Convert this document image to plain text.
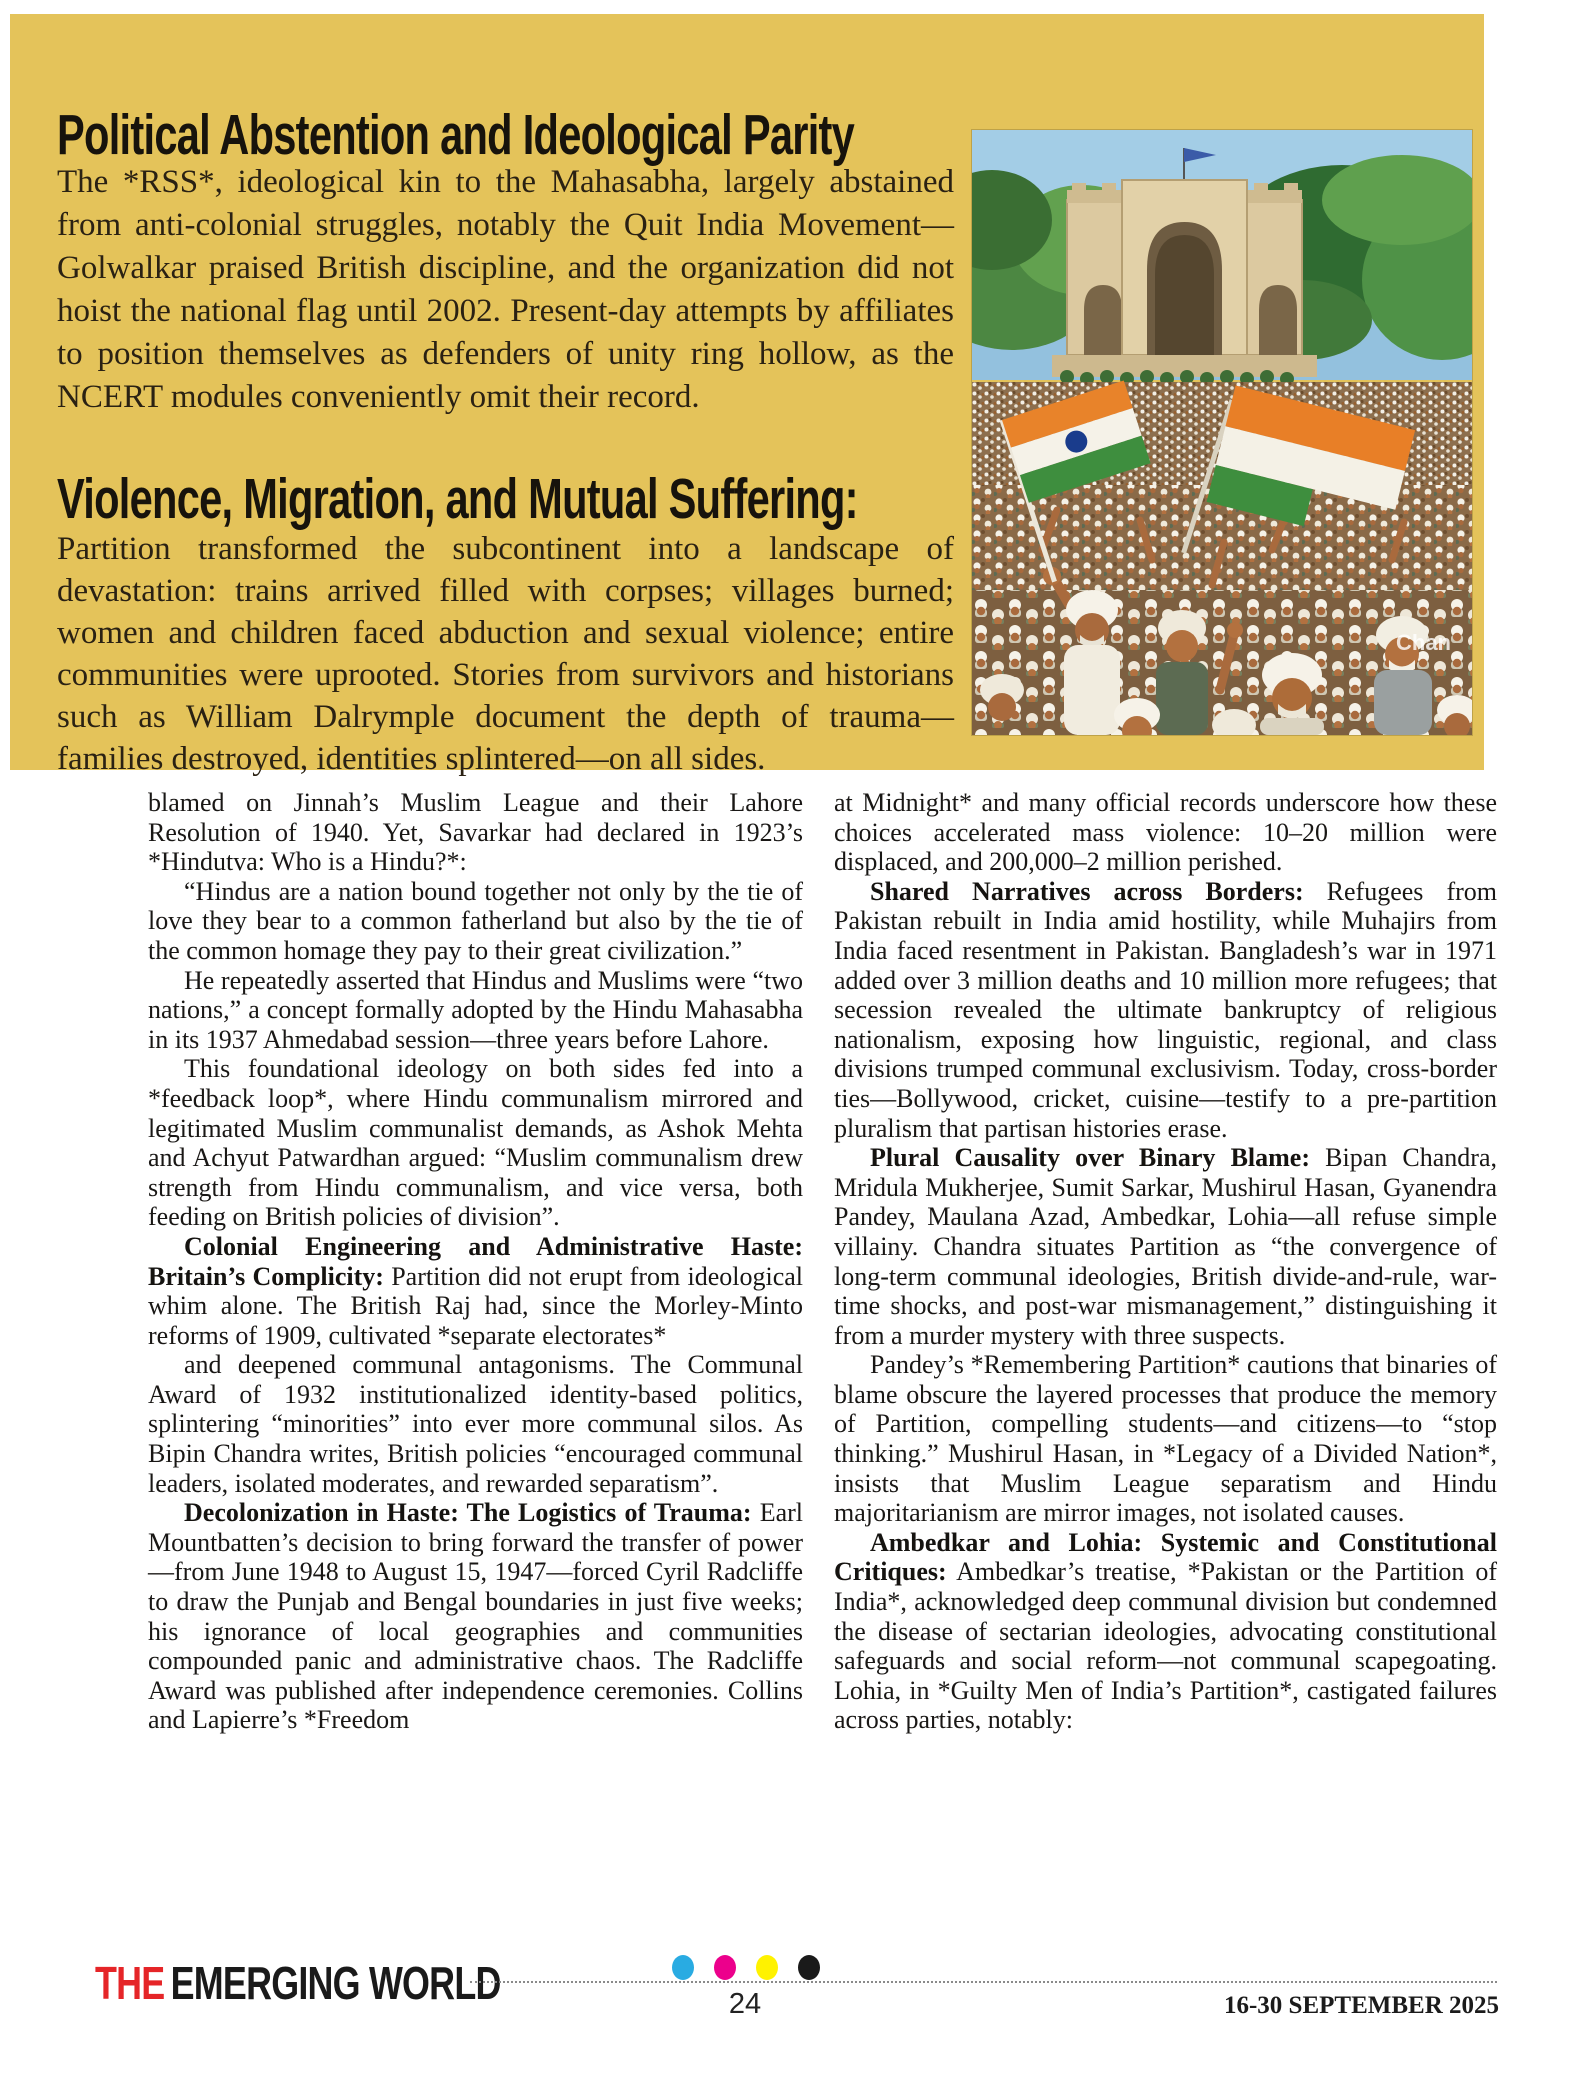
Political Abstention and Ideological Parity

The *RSS*, ideological kin to the Mahasabha, largely abstained from anti-colonial struggles, notably the Quit India Movement—Golwalkar praised British discipline, and the organization did not hoist the national flag until 2002. Present-day attempts by affiliates to position themselves as defenders of unity ring hollow, as the NCERT modules conveniently omit their record.

Violence, Migration, and Mutual Suffering:

Partition transformed the subcontinent into a landscape of devastation: trains arrived filled with corpses; villages burned; women and children faced abduction and sexual violence; entire communities were uprooted. Stories from survivors and historians such as William Dalrymple document the depth of trauma—families destroyed, identities splintered—on all sides.

Chan

blamed on Jinnah’s Muslim League and their Lahore Resolution of 1940. Yet, Savarkar had declared in 1923’s *Hindutva: Who is a Hindu?*:

“Hindus are a nation bound together not only by the tie of love they bear to a common fatherland but also by the tie of the common homage they pay to their great civilization.”

He repeatedly asserted that Hindus and Muslims were “two nations,” a concept formally adopted by the Hindu Mahasabha in its 1937 Ahmedabad session—three years before Lahore.

This foundational ideology on both sides fed into a *feedback loop*, where Hindu communalism mirrored and legitimated Muslim communalist demands, as Ashok Mehta and Achyut Patwardhan argued: “Muslim communalism drew strength from Hindu communalism, and vice versa, both feeding on British policies of division”.

Colonial Engineering and Administrative Haste: Britain’s Complicity: Partition did not erupt from ideological whim alone. The British Raj had, since the Morley-Minto reforms of 1909, cultivated *separate electorates*

and deepened communal antagonisms. The Communal Award of 1932 institutionalized identity-based politics, splintering “minorities” into ever more communal silos. As Bipin Chandra writes, British policies “encouraged communal leaders, isolated moderates, and rewarded separatism”.

Decolonization in Haste: The Logistics of Trauma: Earl Mountbatten’s decision to bring forward the transfer of power—from June 1948 to August 15, 1947—forced Cyril Radcliffe to draw the Punjab and Bengal boundaries in just five weeks; his ignorance of local geographies and communities compounded panic and administrative chaos. The Radcliffe Award was published after independence ceremonies. Collins and Lapierre’s *Freedom

at Midnight* and many official records underscore how these choices accelerated mass violence: 10–20 million were displaced, and 200,000–2 million perished.

Shared Narratives across Borders: Refugees from Pakistan rebuilt in India amid hostility, while Muhajirs from India faced resentment in Pakistan. Bangladesh’s war in 1971 added over 3 million deaths and 10 million more refugees; that secession revealed the ultimate bankruptcy of religious nationalism, exposing how linguistic, regional, and class divisions trumped communal exclusivism. Today, cross-border ties—Bollywood, cricket, cuisine—testify to a pre-partition pluralism that partisan histories erase.

Plural Causality over Binary Blame: Bipan Chandra, Mridula Mukherjee, Sumit Sarkar, Mushirul Hasan, Gyanendra Pandey, Maulana Azad, Ambedkar, Lohia—all refuse simple villainy. Chandra situates Partition as “the convergence of long-term communal ideologies, British divide-and-rule, war-time shocks, and post-war mismanagement,” distinguishing it from a murder mystery with three suspects.

Pandey’s *Remembering Partition* cautions that binaries of blame obscure the layered processes that produce the memory of Partition, compelling students—and citizens—to “stop thinking.” Mushirul Hasan, in *Legacy of a Divided Nation*, insists that Muslim League separatism and Hindu majoritarianism are mirror images, not isolated causes.

Ambedkar and Lohia: Systemic and Constitutional Critiques: Ambedkar’s treatise, *Pakistan or the Partition of India*, acknowledged deep communal division but condemned the disease of sectarian ideologies, advocating constitutional safeguards and social reform—not communal scapegoating. Lohia, in *Guilty Men of India’s Partition*, castigated failures across parties, notably:

THE EMERGING WORLD	24	16-30 SEPTEMBER 2025
